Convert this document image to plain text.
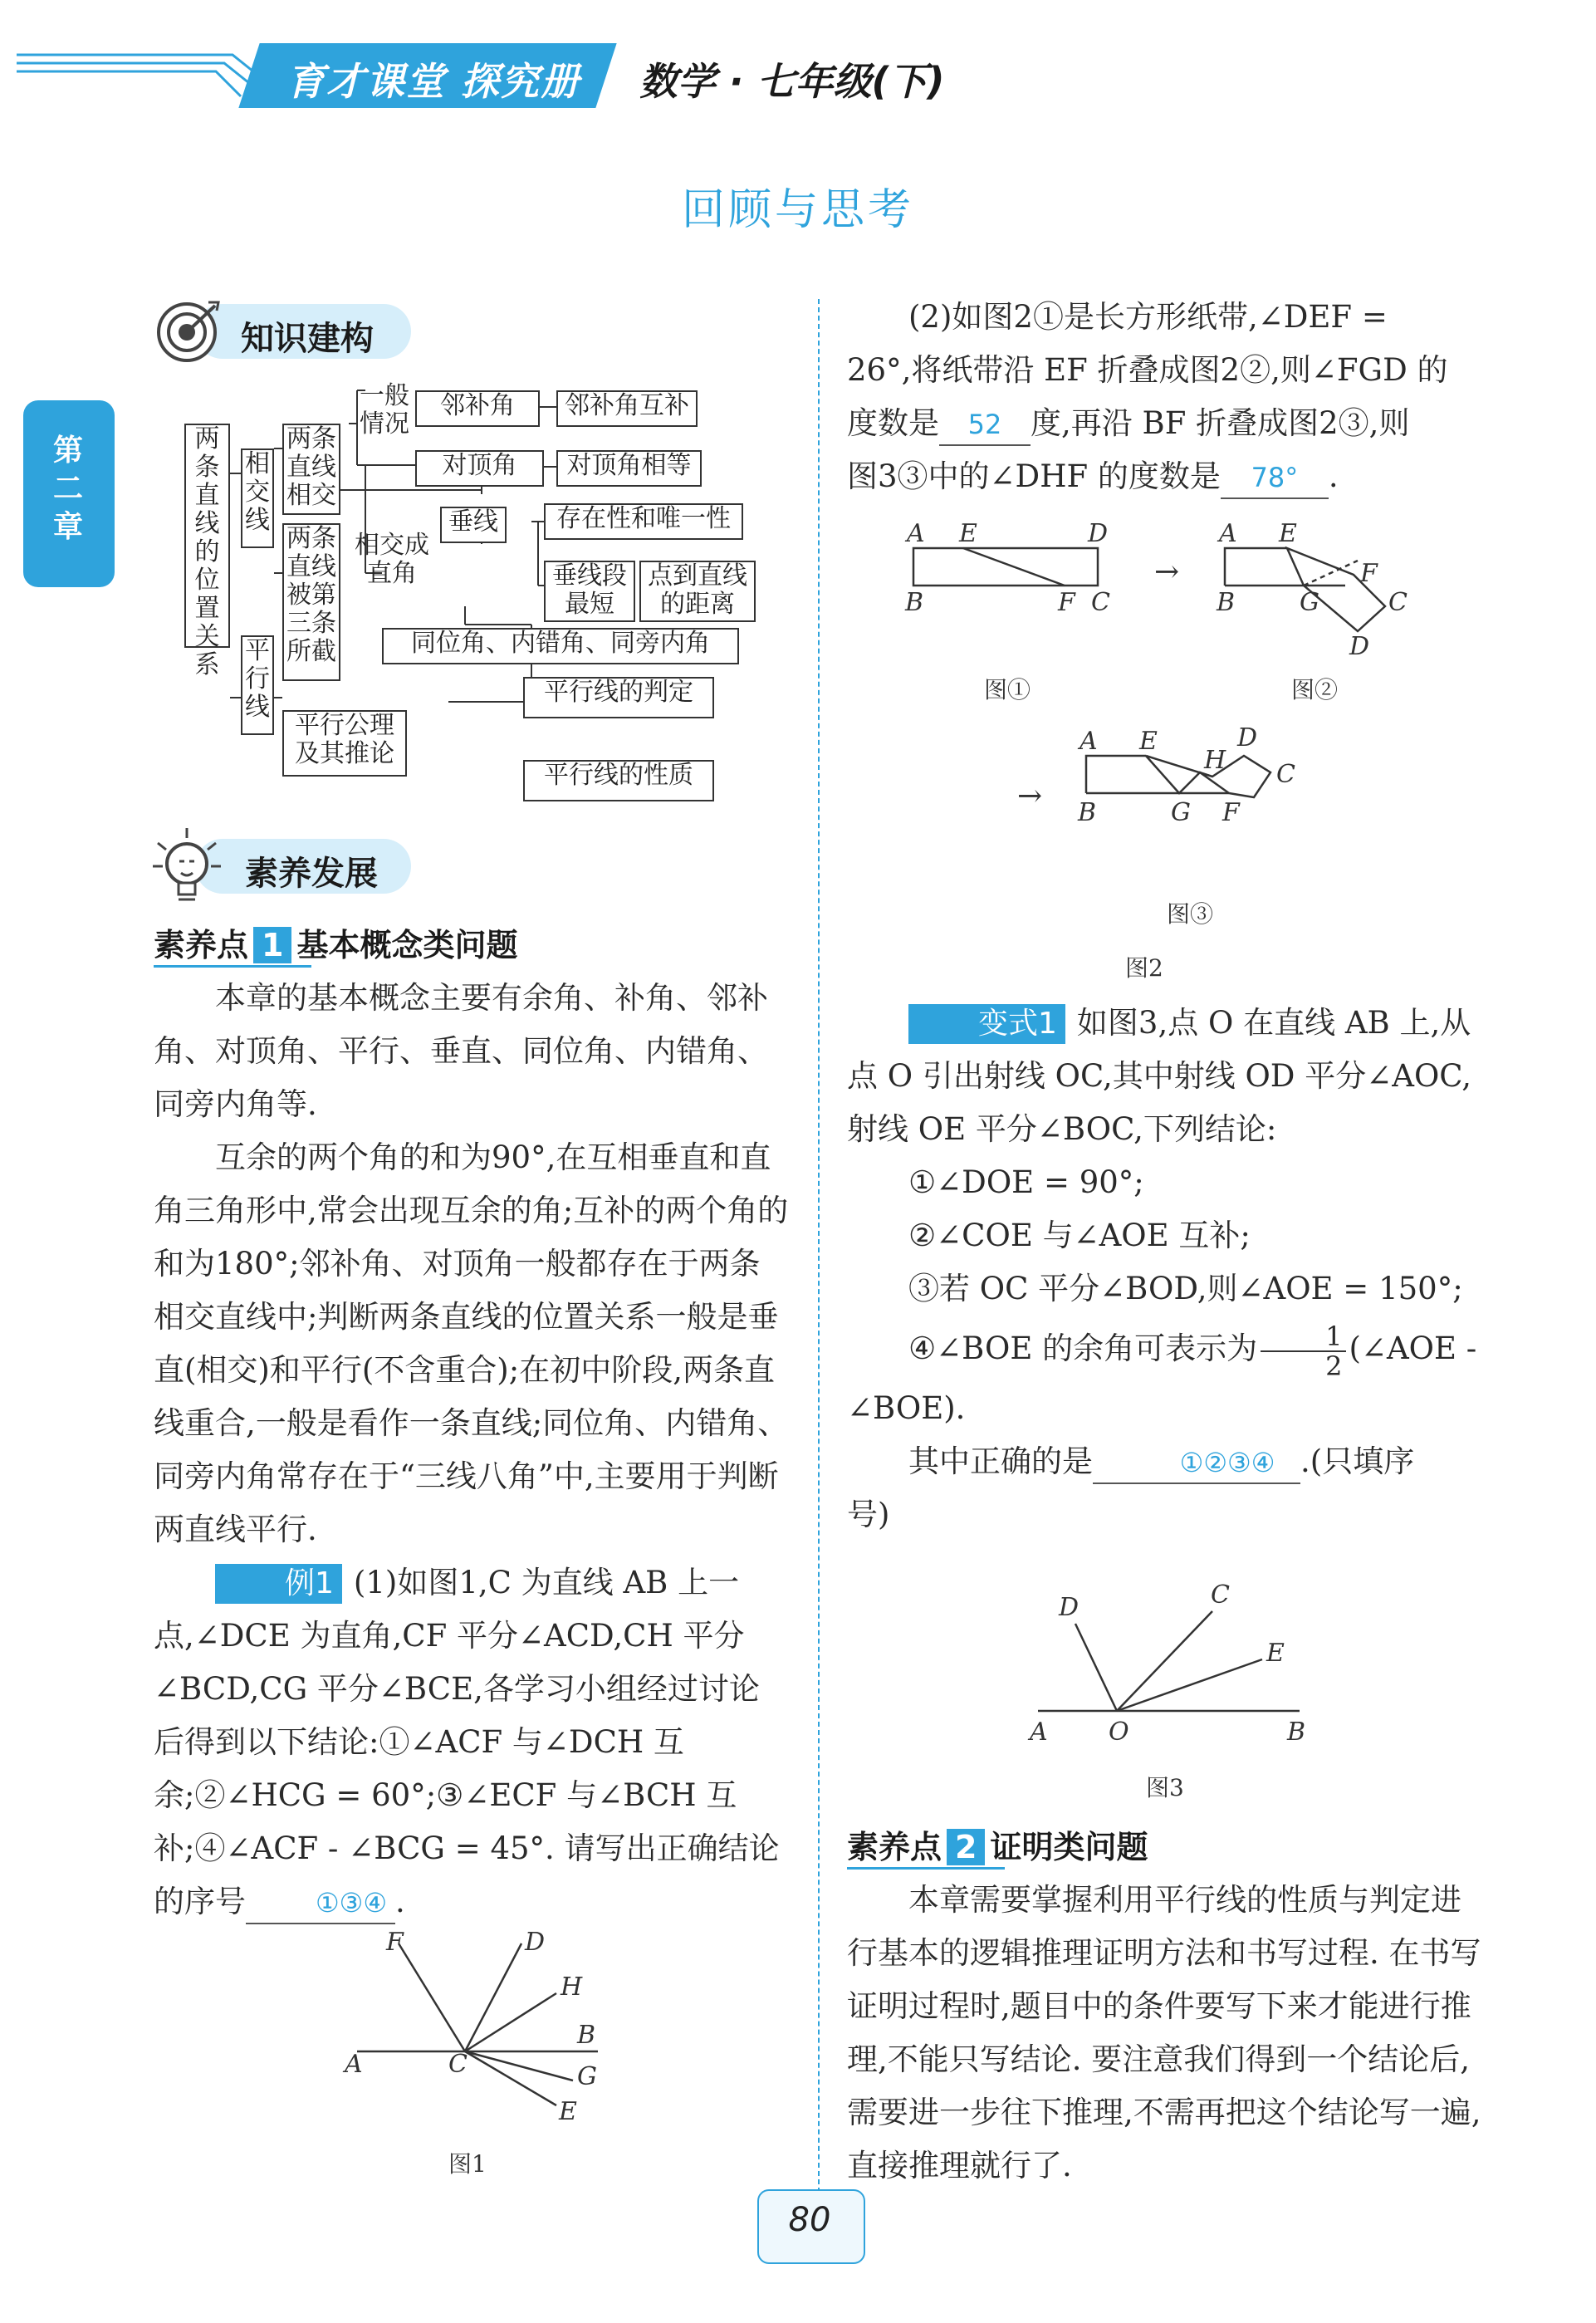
育才课堂 探究册 数学 · 七年级(下)
第二章
回顾与思考
知识建构
两条直线的位置关系
相交线
平行线
两条直线相交
两条直线被第三条所截
一般情况
邻补角	邻补角互补
对顶角	对顶角相等
相交成直角
垂线	存在性和唯一性
垂线段最短
点到直线的距离
同位角、内错角、同旁内角
平行公理及其推论
平行线的判定
平行线的性质
素养发展
素养点 1 基本概念类问题
本章的基本概念主要有余角、补角、邻补角、对顶角、平行、垂直、同位角、内错角、同旁内角等.
互余的两个角的和为90°,在互相垂直和直角三角形中,常会出现互余的角;互补的两个角的和为180°;邻补角、对顶角一般都存在于两条相交直线中;判断两条直线的位置关系一般是垂直(相交)和平行(不含重合);在初中阶段,两条直线重合,一般是看作一条直线;同位角、内错角、同旁内角常存在于“三线八角”中,主要用于判断两直线平行.
例1 (1)如图1,C 为直线 AB 上一点,∠DCE 为直角,CF 平分∠ACD,CH 平分∠BCD,CG 平分∠BCE,各学习小组经过讨论后得到以下结论:①∠ACF 与∠DCH 互余;②∠HCG = 60°;③∠ECF 与∠BCH 互补;④∠ACF - ∠BCG = 45°. 请写出正确结论的序号	①③④ .
F	D
H
B
G
E
A	C
图1
(2)如图2①是长方形纸带,∠DEF =
26°,将纸带沿 EF 折叠成图2②,则∠FGD 的
度数是 52 度,再沿 BF 折叠成图2③,则
图3③中的∠DHF 的度数是 78° .
A E	D
B	F C
图①
→
A E
F
B	G	C
D
图②
→
A E	D
H C
B	G F
图③
图2
变式1 如图3,点 O 在直线 AB 上,从点 O 引出射线 OC,其中射线 OD 平分∠AOC,射线 OE 平分∠BOC,下列结论:
①∠DOE = 90°;
②∠COE 与∠AOE 互补;
③若 OC 平分∠BOD,则∠AOE = 150°;
④∠BOE 的余角可表示为 $\frac{1}{2}$ (∠AOE -
∠BOE).
其中正确的是	①②③④ .(只填序
号)
D	C
E
A O	B
图3
素养点 2 证明类问题
本章需要掌握利用平行线的性质与判定进行基本的逻辑推理证明方法和书写过程. 在书写证明过程时,题目中的条件要写下来才能进行推理,不能只写结论. 要注意我们得到一个结论后,需要进一步往下推理,不需再把这个结论写一遍,直接推理就行了.
80
